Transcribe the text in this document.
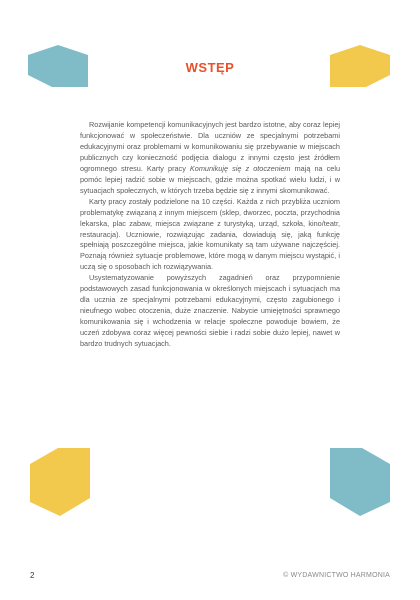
WSTĘP

Rozwijanie kompetencji komunikacyjnych jest bardzo istotne, aby coraz lepiej funkcjonować w społeczeństwie. Dla uczniów ze specjalnymi potrzebami edukacyjnymi oraz problemami w komunikowaniu się przebywanie w miejscach publicznych czy konieczność podjęcia dialogu z innymi często jest źródłem ogromnego stresu. Karty pracy Komunikuję się z otoczeniem mają na celu pomóc lepiej radzić sobie w miejscach, gdzie można spotkać wielu ludzi, i w sytuacjach społecznych, w których trzeba będzie się z innymi skomunikować.

Karty pracy zostały podzielone na 10 części. Każda z nich przybliża uczniom problematykę związaną z innym miejscem (sklep, dworzec, poczta, przychodnia lekarska, plac zabaw, miejsca związane z turystyką, urząd, szkoła, kino/teatr, restauracja). Uczniowie, rozwiązując zadania, dowiadują się, jaką funkcję spełniają poszczególne miejsca, jakie komunikaty są tam używane najczęściej. Poznają również sytuacje problemowe, które mogą w danym miejscu wystąpić, i uczą się o sposobach ich rozwiązywania.

Usystematyzowanie powyższych zagadnień oraz przypomnienie podstawowych zasad funkcjonowania w określonych miejscach i sytuacjach ma dla ucznia ze specjalnymi potrzebami edukacyjnymi, często zagubionego i nieufnego wobec otoczenia, duże znaczenie. Nabycie umiejętności sprawnego komunikowania się i wchodzenia w relacje społeczne powoduje bowiem, że uczeń zdobywa coraz więcej pewności siebie i radzi sobie dużo lepiej, nawet w bardzo trudnych sytuacjach.

2	© WYDAWNICTWO HARMONIA
